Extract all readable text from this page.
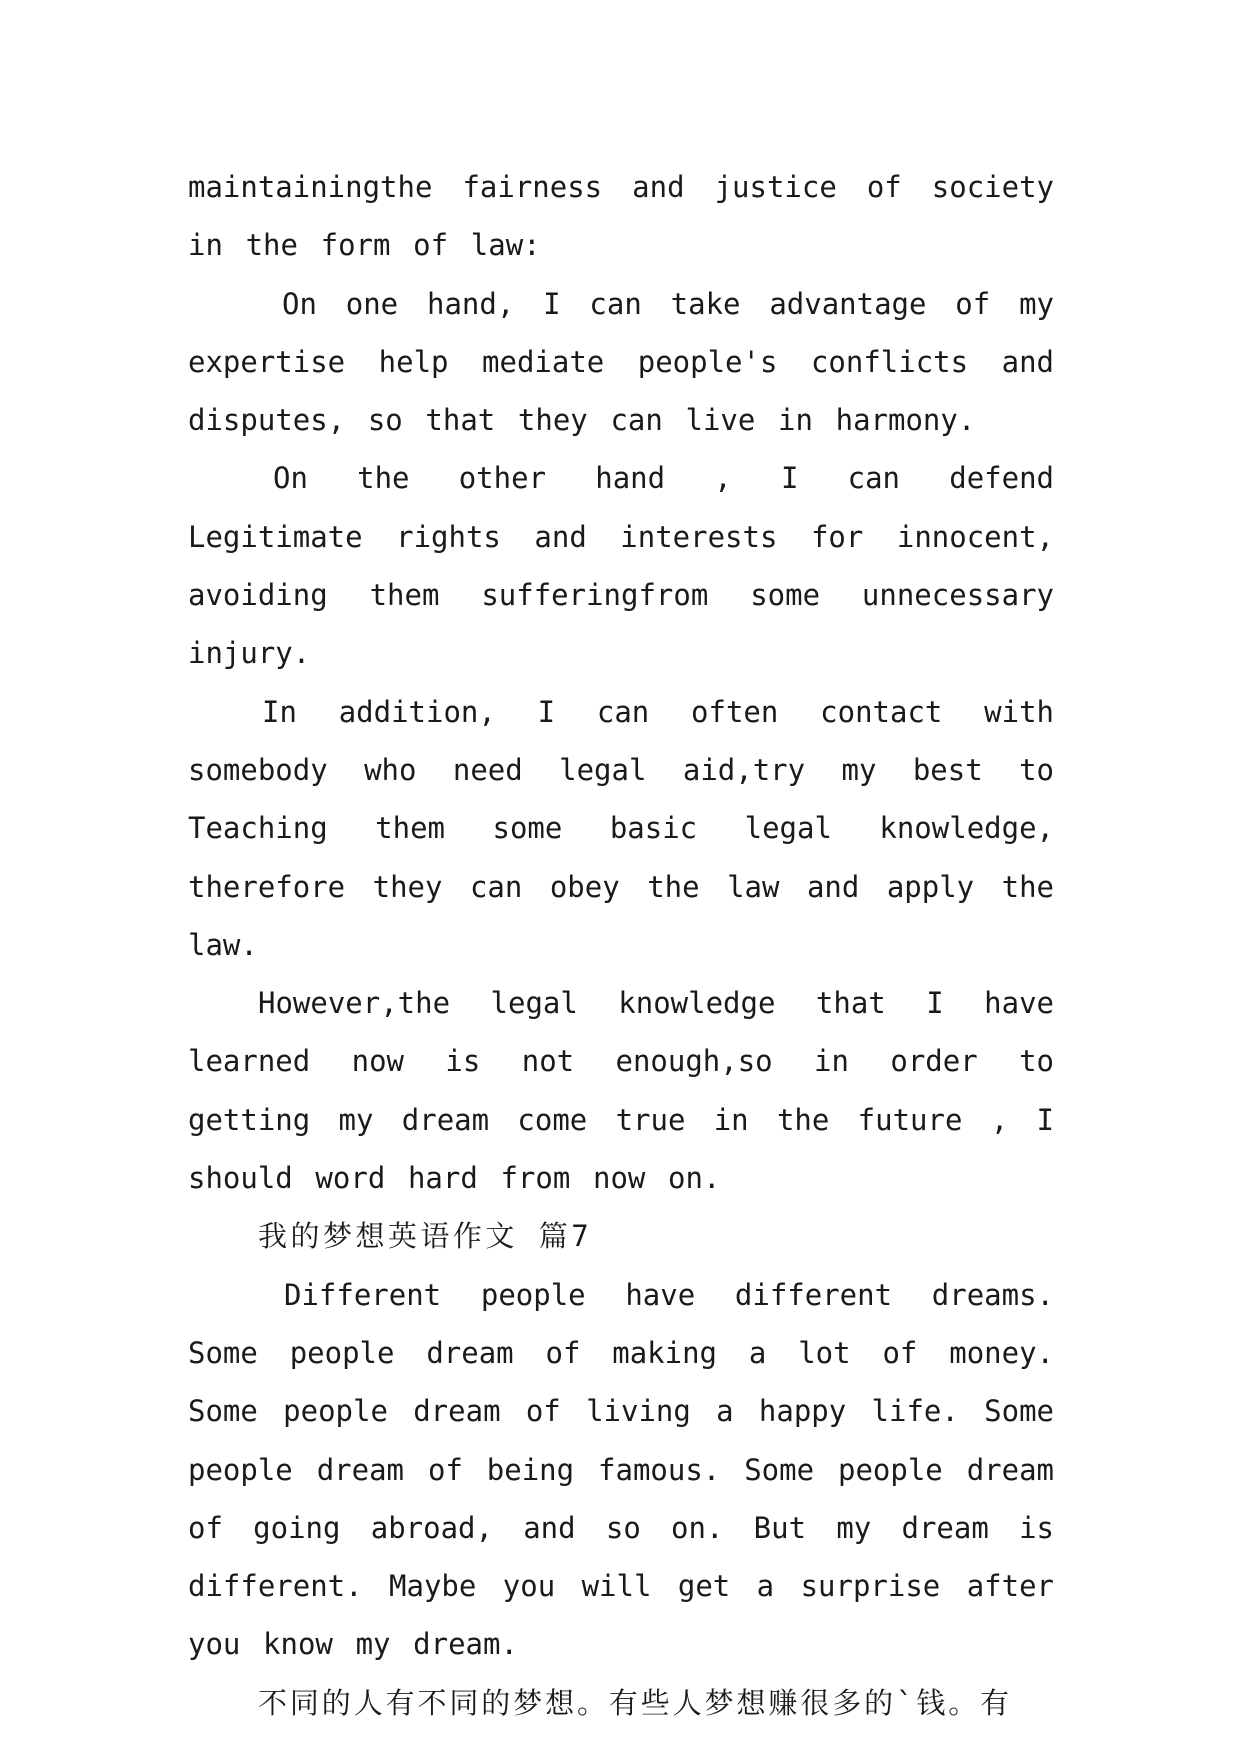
maintainingthe fairness and justice of society in the form of law:

On one hand, I can take advantage of my expertise help mediate people's conflicts and disputes, so that they can live in harmony.

On the other hand , I can defend Legitimate rights and interests for innocent, avoiding them sufferingfrom some unnecessary injury.

In addition, I can often contact with somebody who need legal aid,try my best to Teaching them some basic legal knowledge, therefore they can obey the law and apply the law.

However,the legal knowledge that I have learned now is not enough,so in order to getting my dream come true in the future , I should word hard from now on.

我的梦想英语作文 篇7

Different people have different dreams. Some people dream of making a lot of money. Some people dream of living a happy life. Some people dream of being famous. Some people dream of going abroad, and so on. But my dream is different. Maybe you will get a surprise after you know my dream.

不同的人有不同的梦想。有些人梦想赚很多的`钱。有
